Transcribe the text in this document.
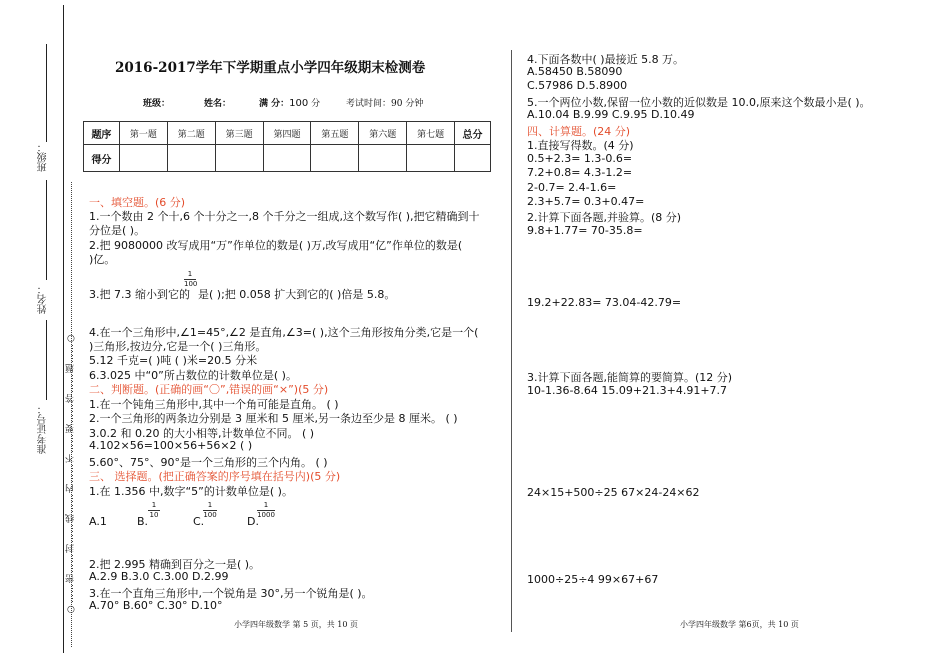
班级：
姓名：
准考证号： ○……密……封……线……内……不……要……答……题……○
2016-2017学年下学期重点小学四年级期末检测卷
班级：	姓名：	满 分：100 分	考试时间：90 分钟
题序	第一题	第二题	第三题	第四题	第五题	第六题	第七题	总分
得分								
一、填空题。(6 分)
1.一个数由 2 个十,6 个十分之一,8 个千分之一组成,这个数写作( ),把它精确到十
分位是( )。
2.把 9080000 改写成用“万”作单位的数是( )万,改写成用“亿”作单位的数是(
)亿。
3.把 7.3 缩小到它的
1
100
是( );把 0.058 扩大到它的( )倍是 5.8。
4.在一个三角形中,∠1=45°,∠2 是直角,∠3=( ),这个三角形按角分类,它是一个(
)三角形,按边分,它是一个( )三角形。
5.12 千克=( )吨 ( )米=20.5 分米
6.3.025 中“0”所占数位的计数单位是( )。
二、判断题。(正确的画“〇”,错误的画“×”)(5 分)
1.在一个钝角三角形中,其中一个角可能是直角。 ( )
2.一个三角形的两条边分别是 3 厘米和 5 厘米,另一条边至少是 8 厘米。 ( )
3.0.2 和 0.20 的大小相等,计数单位不同。 ( )
4.102×56=100×56+56×2 ( )
5.60°、75°、90°是一个三角形的三个内角。 ( )
三、 选择题。(把正确答案的序号填在括号内)(5 分)
1.在 1.356 中,数字“5”的计数单位是( )。
A.1	B.
1
10	C.
1
100	D.
1
1000
2.把 2.995 精确到百分之一是( )。
A.2.9 B.3.0 C.3.00 D.2.99
3.在一个直角三角形中,一个锐角是 30°,另一个锐角是( )。
A.70° B.60° C.30° D.10°
小学四年级数学 第 5 页，共 10 页
4.下面各数中( )最接近 5.8 万。
A.58450 B.58090
C.57986 D.5.8900
5.一个两位小数,保留一位小数的近似数是 10.0,原来这个数最小是( )。
A.10.04 B.9.99 C.9.95 D.10.49
四、计算题。(24 分)
1.直接写得数。(4 分)
0.5+2.3= 1.3-0.6=
7.2+0.8= 4.3-1.2=
2-0.7= 2.4-1.6=
2.3+5.7= 0.3+0.47=
2.计算下面各题,并验算。(8 分)
9.8+1.77= 70-35.8=
19.2+22.83= 73.04-42.79=
3.计算下面各题,能简算的要简算。(12 分)
10-1.36-8.64 15.09+21.3+4.91+7.7
24×15+500÷25 67×24-24×62
1000÷25÷4 99×67+67
小学四年级数学 第6页，共 10 页
